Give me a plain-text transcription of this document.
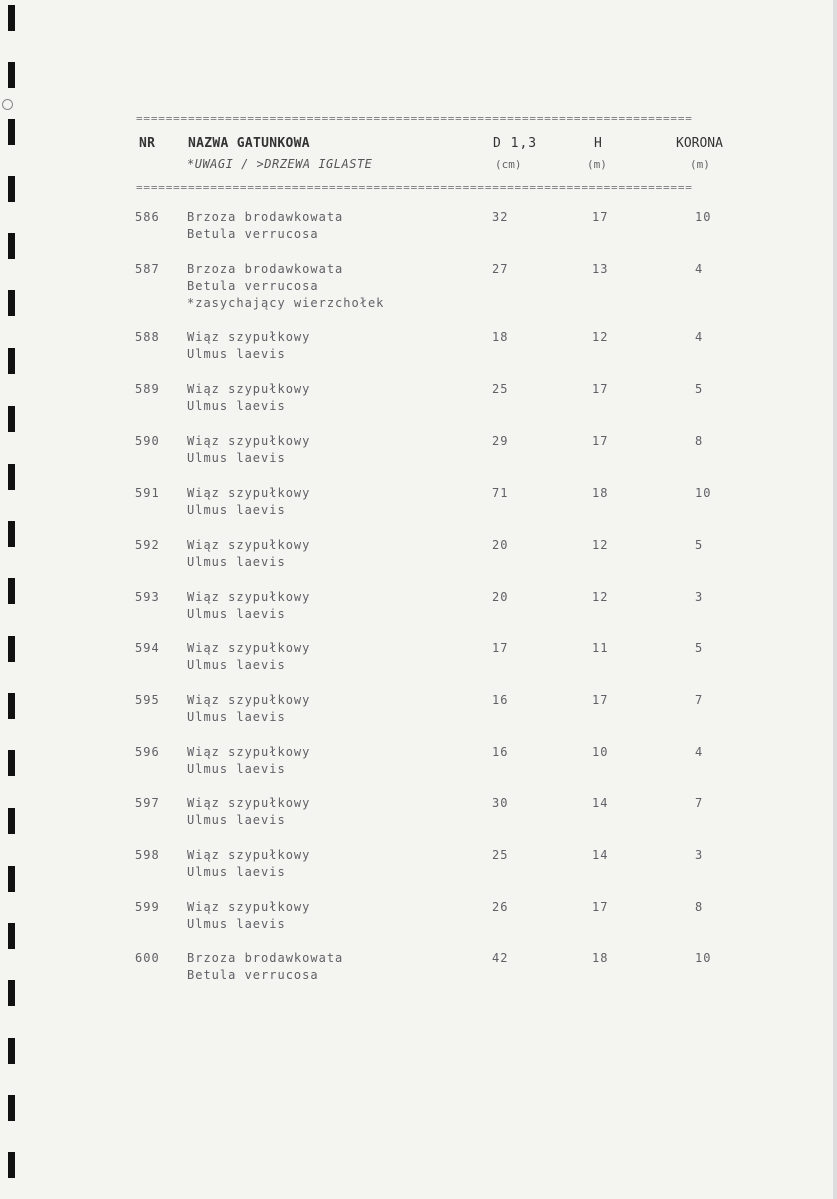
===========================================================================
NR	NAZWA GATUNKOWA	D 1,3	H	KORONA
*UWAGI / >DRZEWA IGLASTE	(cm)	(m)	(m)
===========================================================================
586 Brzoza brodawkowata
Betula verrucosa
32	17	10
587 Brzoza brodawkowata
Betula verrucosa
*zasychający wierzchołek
27	13	4
588 Wiąz szypułkowy
Ulmus laevis
18	12	4
589 Wiąz szypułkowy
Ulmus laevis
25	17	5
590 Wiąz szypułkowy
Ulmus laevis
29	17	8
591 Wiąz szypułkowy
Ulmus laevis
71	18	10
592 Wiąz szypułkowy
Ulmus laevis
20	12	5
593 Wiąz szypułkowy
Ulmus laevis
20	12	3
594 Wiąz szypułkowy
Ulmus laevis
17	11	5
595 Wiąz szypułkowy
Ulmus laevis
16	17	7
596 Wiąz szypułkowy
Ulmus laevis
16	10	4
597 Wiąz szypułkowy
Ulmus laevis
30	14	7
598 Wiąz szypułkowy
Ulmus laevis
25	14	3
599 Wiąz szypułkowy
Ulmus laevis
26	17	8
600 Brzoza brodawkowata
Betula verrucosa
42	18	10
